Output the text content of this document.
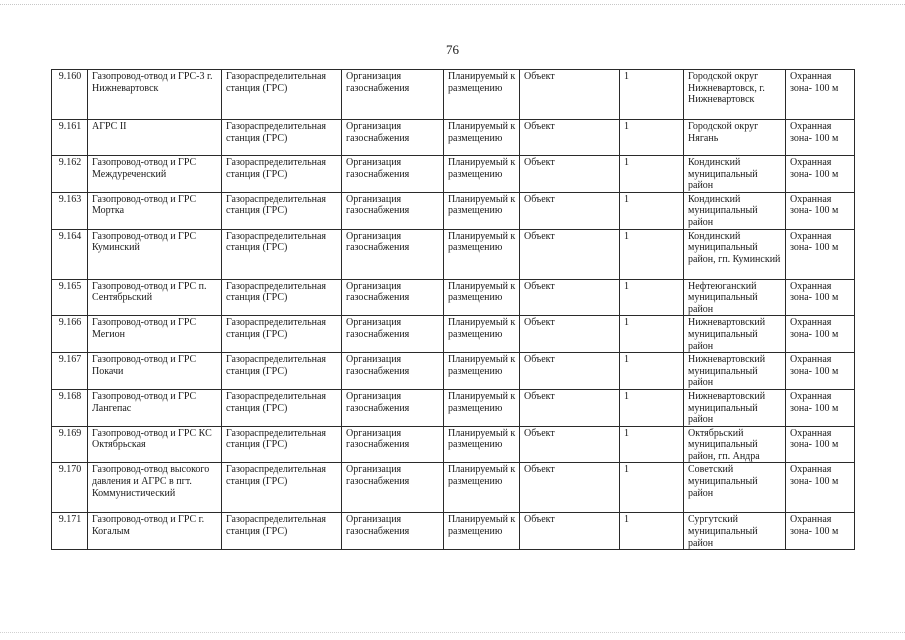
76
9.160	Газопровод-отвод и ГРС-3 г. Нижневартовск	Газораспределительная станция (ГРС)	Организация газоснабжения	Планируемый к размещению	Объект	1	Городской округ Нижневартовск, г. Нижневартовск	Охранная зона- 100 м
9.161	АГРС II	Газораспределительная станция (ГРС)	Организация газоснабжения	Планируемый к размещению	Объект	1	Городской округ Нягань	Охранная зона- 100 м
9.162	Газопровод-отвод и ГРС Междуреченский	Газораспределительная станция (ГРС)	Организация газоснабжения	Планируемый к размещению	Объект	1	Кондинский муниципальный район	Охранная зона- 100 м
9.163	Газопровод-отвод и ГРС Мортка	Газораспределительная станция (ГРС)	Организация газоснабжения	Планируемый к размещению	Объект	1	Кондинский муниципальный район	Охранная зона- 100 м
9.164	Газопровод-отвод и ГРС Куминский	Газораспределительная станция (ГРС)	Организация газоснабжения	Планируемый к размещению	Объект	1	Кондинский муниципальный район, гп. Куминский	Охранная зона- 100 м
9.165	Газопровод-отвод и ГРС п. Сентябрьский	Газораспределительная станция (ГРС)	Организация газоснабжения	Планируемый к размещению	Объект	1	Нефтеюганский муниципальный район	Охранная зона- 100 м
9.166	Газопровод-отвод и ГРС Мегион	Газораспределительная станция (ГРС)	Организация газоснабжения	Планируемый к размещению	Объект	1	Нижневартовский муниципальный район	Охранная зона- 100 м
9.167	Газопровод-отвод и ГРС Покачи	Газораспределительная станция (ГРС)	Организация газоснабжения	Планируемый к размещению	Объект	1	Нижневартовский муниципальный район	Охранная зона- 100 м
9.168	Газопровод-отвод и ГРС Лангепас	Газораспределительная станция (ГРС)	Организация газоснабжения	Планируемый к размещению	Объект	1	Нижневартовский муниципальный район	Охранная зона- 100 м
9.169	Газопровод-отвод и ГРС КС Октябрьская	Газораспределительная станция (ГРС)	Организация газоснабжения	Планируемый к размещению	Объект	1	Октябрьский муниципальный район, гп. Андра	Охранная зона- 100 м
9.170	Газопровод-отвод высокого давления и АГРС в пгт. Коммунистический	Газораспределительная станция (ГРС)	Организация газоснабжения	Планируемый к размещению	Объект	1	Советский муниципальный район	Охранная зона- 100 м
9.171	Газопровод-отвод и ГРС г. Когалым	Газораспределительная станция (ГРС)	Организация газоснабжения	Планируемый к размещению	Объект	1	Сургутский муниципальный район	Охранная зона- 100 м
